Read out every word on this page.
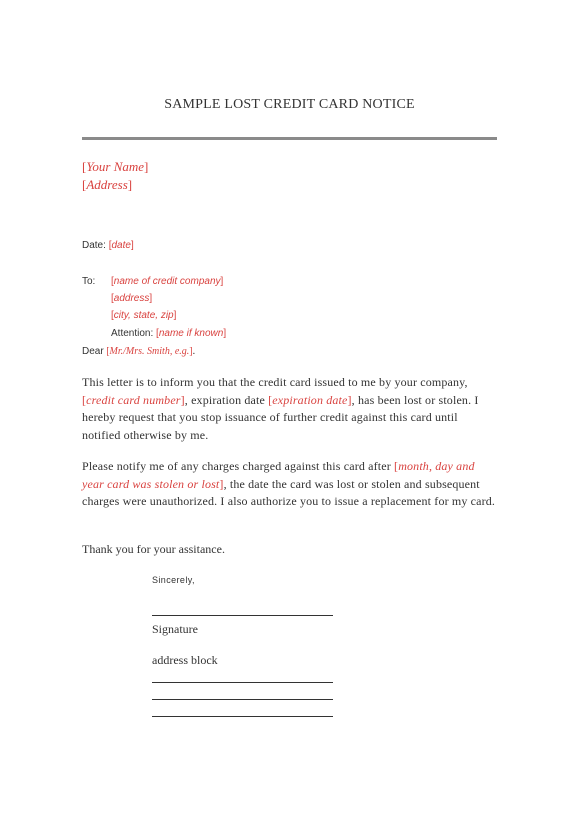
SAMPLE LOST CREDIT CARD NOTICE
[Your Name]
[Address]
Date: [date]
To: [name of credit company]
[address]
[city, state, zip]
Attention: [name if known]
Dear [Mr./Mrs. Smith, e.g.].
This letter is to inform you that the credit card issued to me by your company, [credit card number], expiration date [expiration date], has been lost or stolen. I hereby request that you stop issuance of further credit against this card until notified otherwise by me.
Please notify me of any charges charged against this card after [month, day and year card was stolen or lost], the date the card was lost or stolen and subsequent charges were unauthorized. I also authorize you to issue a replacement for my card.
Thank you for your assitance.
Sincerely,
Signature
address block
